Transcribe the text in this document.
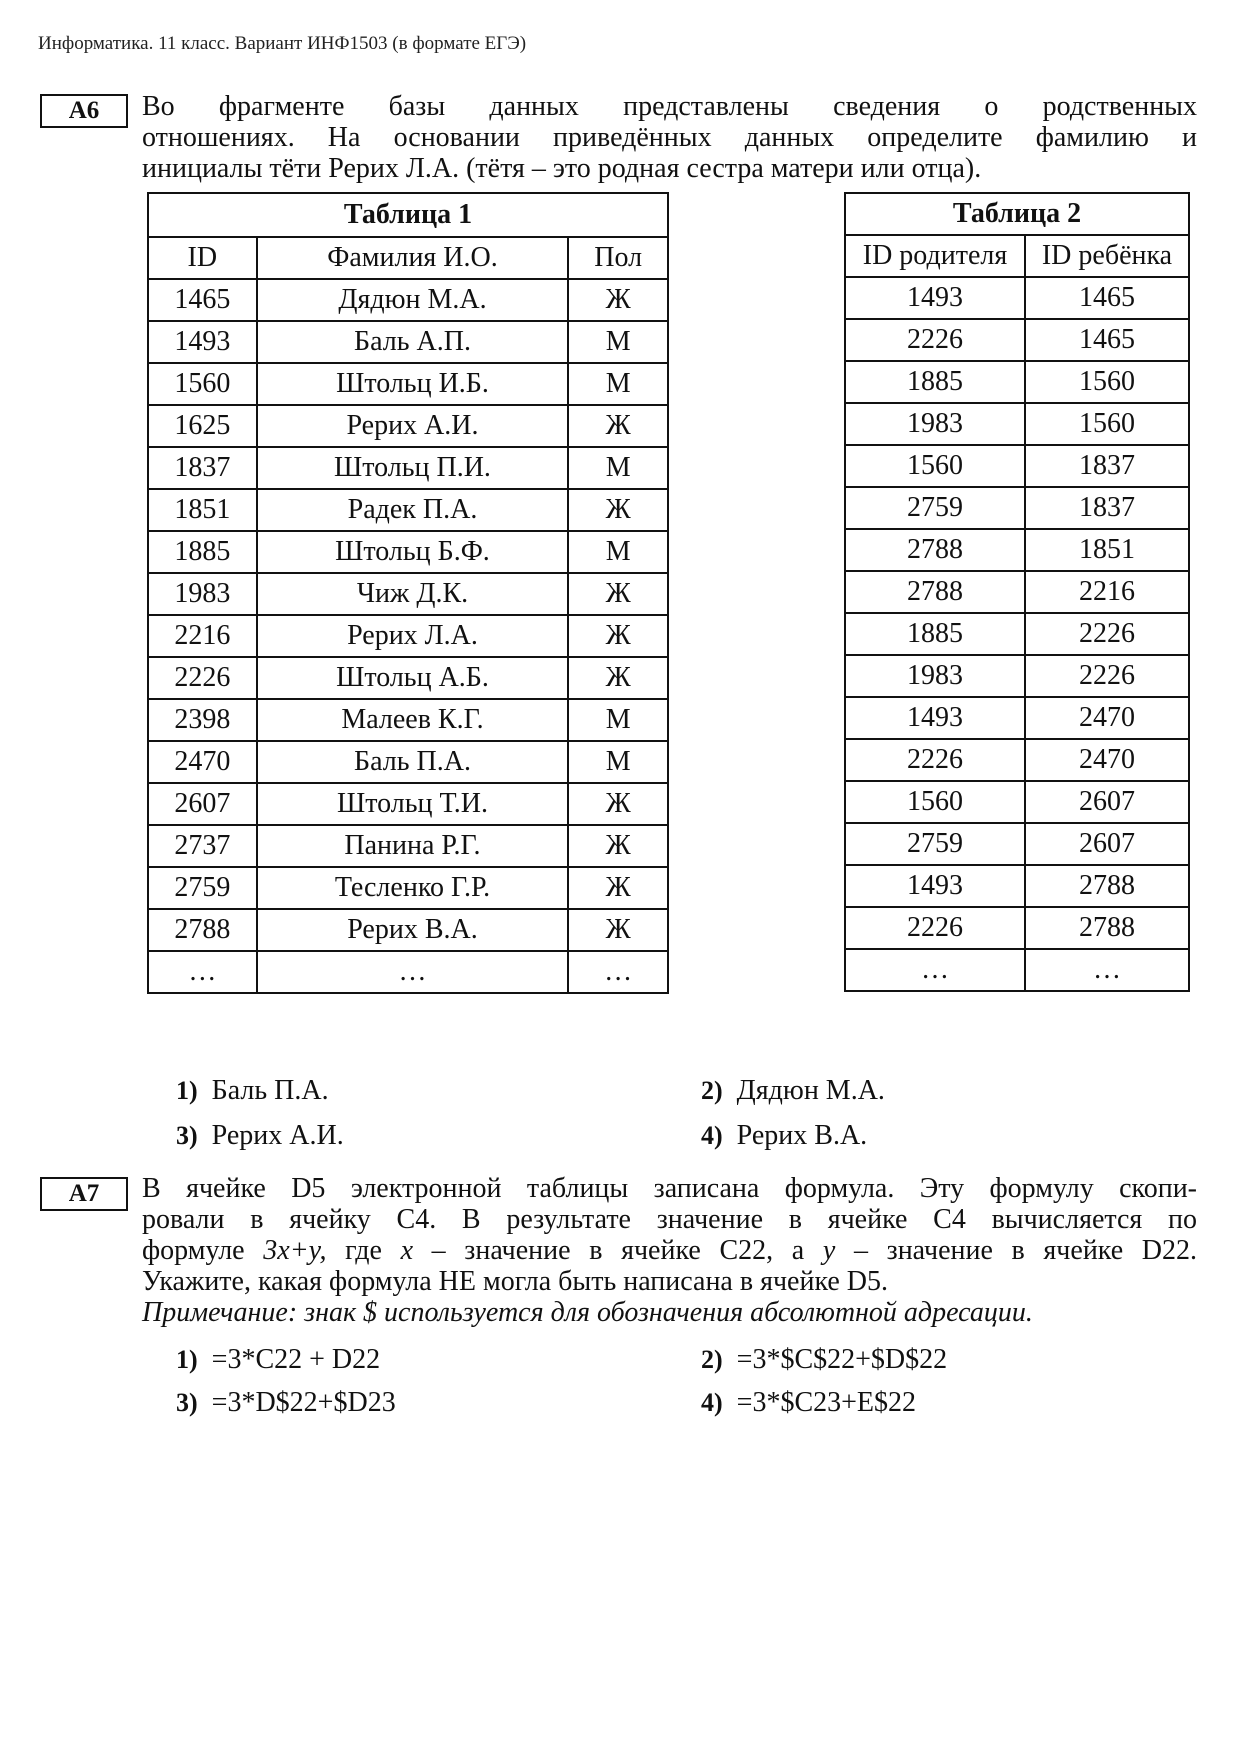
Информатика. 11 класс. Вариант ИНФ1503 (в формате ЕГЭ)
А6	Во фрагменте базы данных представлены сведения о родственных
отношениях. На основании приведённых данных определите фамилию и
инициалы тёти Рерих Л.А. (тётя – это родная сестра матери или отца).
Таблица 1		
ID	Фамилия И.О.	Пол
1465	Дядюн М.А.	Ж
1493	Баль А.П.	М
1560	Штольц И.Б.	М
1625	Рерих А.И.	Ж
1837	Штольц П.И.	М
1851	Радек П.А.	Ж
1885	Штольц Б.Ф.	М
1983	Чиж Д.К.	Ж
2216	Рерих Л.А.	Ж
2226	Штольц А.Б.	Ж
2398	Малеев К.Г.	М
2470	Баль П.А.	М
2607	Штольц Т.И.	Ж
2737	Панина Р.Г.	Ж
2759	Тесленко Г.Р.	Ж
2788	Рерих В.А.	Ж
…	…	…
Таблица 2	
ID родителя	ID ребёнка
1493	1465
2226	1465
1885	1560
1983	1560
1560	1837
2759	1837
2788	1851
2788	2216
1885	2226
1983	2226
1493	2470
2226	2470
1560	2607
2759	2607
1493	2788
2226	2788
…	…
1) Баль П.А.	2) Дядюн М.А.
3) Рерих А.И.	4) Рерих В.А.
А7	В ячейке D5 электронной таблицы записана формула. Эту формулу скопи-
ровали в ячейку C4. В результате значение в ячейке C4 вычисляется по
формуле 3x+y, где x – значение в ячейке C22, а y – значение в ячейке D22.
Укажите, какая формула НЕ могла быть написана в ячейке D5.
Примечание: знак $ используется для обозначения абсолютной адресации.
1) =3*C22 + D22	2) =3*$C$22+$D$22
3) =3*D$22+$D23	4) =3*$C23+E$22
